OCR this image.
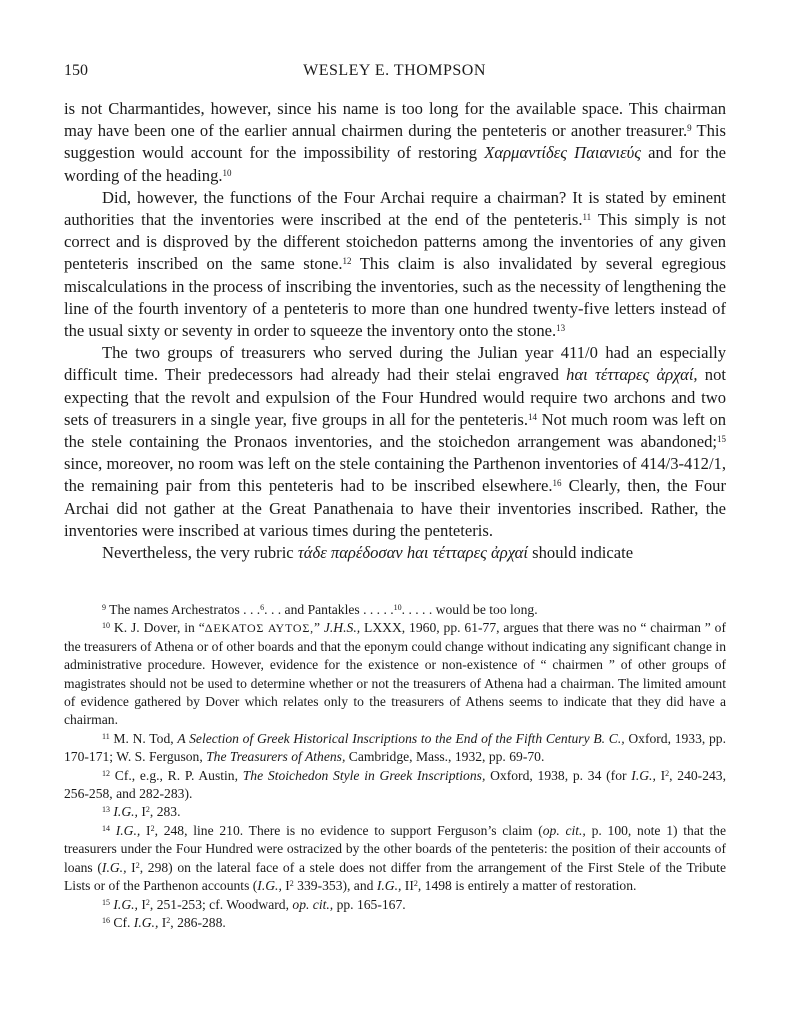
150	WESLEY E. THOMPSON

is not Charmantides, however, since his name is too long for the available space. This chairman may have been one of the earlier annual chairmen during the penteteris or another treasurer.$^9$ This suggestion would account for the impossibility of restoring Χαρμαντίδες Παιανιεύς and for the wording of the heading.$^{10}$

Did, however, the functions of the Four Archai require a chairman? It is stated by eminent authorities that the inventories were inscribed at the end of the penteteris.$^{11}$ This simply is not correct and is disproved by the different stoichedon patterns among the inventories of any given penteteris inscribed on the same stone.$^{12}$ This claim is also invalidated by several egregious miscalculations in the process of inscribing the inventories, such as the necessity of lengthening the line of the fourth inventory of a penteteris to more than one hundred twenty-five letters instead of the usual sixty or seventy in order to squeeze the inventory onto the stone.$^{13}$

The two groups of treasurers who served during the Julian year 411/0 had an especially difficult time. Their predecessors had already had their stelai engraved hαι τέτταρες ἀρχαί, not expecting that the revolt and expulsion of the Four Hundred would require two archons and two sets of treasurers in a single year, five groups in all for the penteteris.$^{14}$ Not much room was left on the stele containing the Pronaos inventories, and the stoichedon arrangement was abandoned;$^{15}$ since, moreover, no room was left on the stele containing the Parthenon inventories of 414/3-412/1, the remaining pair from this penteteris had to be inscribed elsewhere.$^{16}$ Clearly, then, the Four Archai did not gather at the Great Panathenaia to have their inventories inscribed. Rather, the inventories were inscribed at various times during the penteteris.

Nevertheless, the very rubric τάδε παρέδοσαν hαι τέτταρες ἀρχαί should indicate

$^9$ The names Archestratos . . .$^6$. . . and Pantakles . . . . .$^{10}$. . . . . would be too long.

$^{10}$ K. J. Dover, in “ΔΕΚΑΤΟΣ ΑΥΤΟΣ,” J.H.S., LXXX, 1960, pp. 61-77, argues that there was no “ chairman ” of the treasurers of Athena or of other boards and that the eponym could change without indicating any significant change in administrative procedure. However, evidence for the existence or non-existence of “ chairmen ” of other groups of magistrates should not be used to determine whether or not the treasurers of Athena had a chairman. The limited amount of evidence gathered by Dover which relates only to the treasurers of Athens seems to indicate that they did have a chairman.

$^{11}$ M. N. Tod, A Selection of Greek Historical Inscriptions to the End of the Fifth Century B. C., Oxford, 1933, pp. 170-171; W. S. Ferguson, The Treasurers of Athens, Cambridge, Mass., 1932, pp. 69-70.

$^{12}$ Cf., e.g., R. P. Austin, The Stoichedon Style in Greek Inscriptions, Oxford, 1938, p. 34 (for I.G., $I^2$, 240-243, 256-258, and 282-283).

$^{13}$ I.G., $I^2$, 283.

$^{14}$ I.G., $I^2$, 248, line 210. There is no evidence to support Ferguson’s claim (op. cit., p. 100, note 1) that the treasurers under the Four Hundred were ostracized by the other boards of the penteteris: the position of their accounts of loans (I.G., $I^2$, 298) on the lateral face of a stele does not differ from the arrangement of the First Stele of the Tribute Lists or of the Parthenon accounts (I.G., $I^2$ 339-353), and I.G., $II^2$, 1498 is entirely a matter of restoration.

$^{15}$ I.G., $I^2$, 251-253; cf. Woodward, op. cit., pp. 165-167.

$^{16}$ Cf. I.G., $I^2$, 286-288.
